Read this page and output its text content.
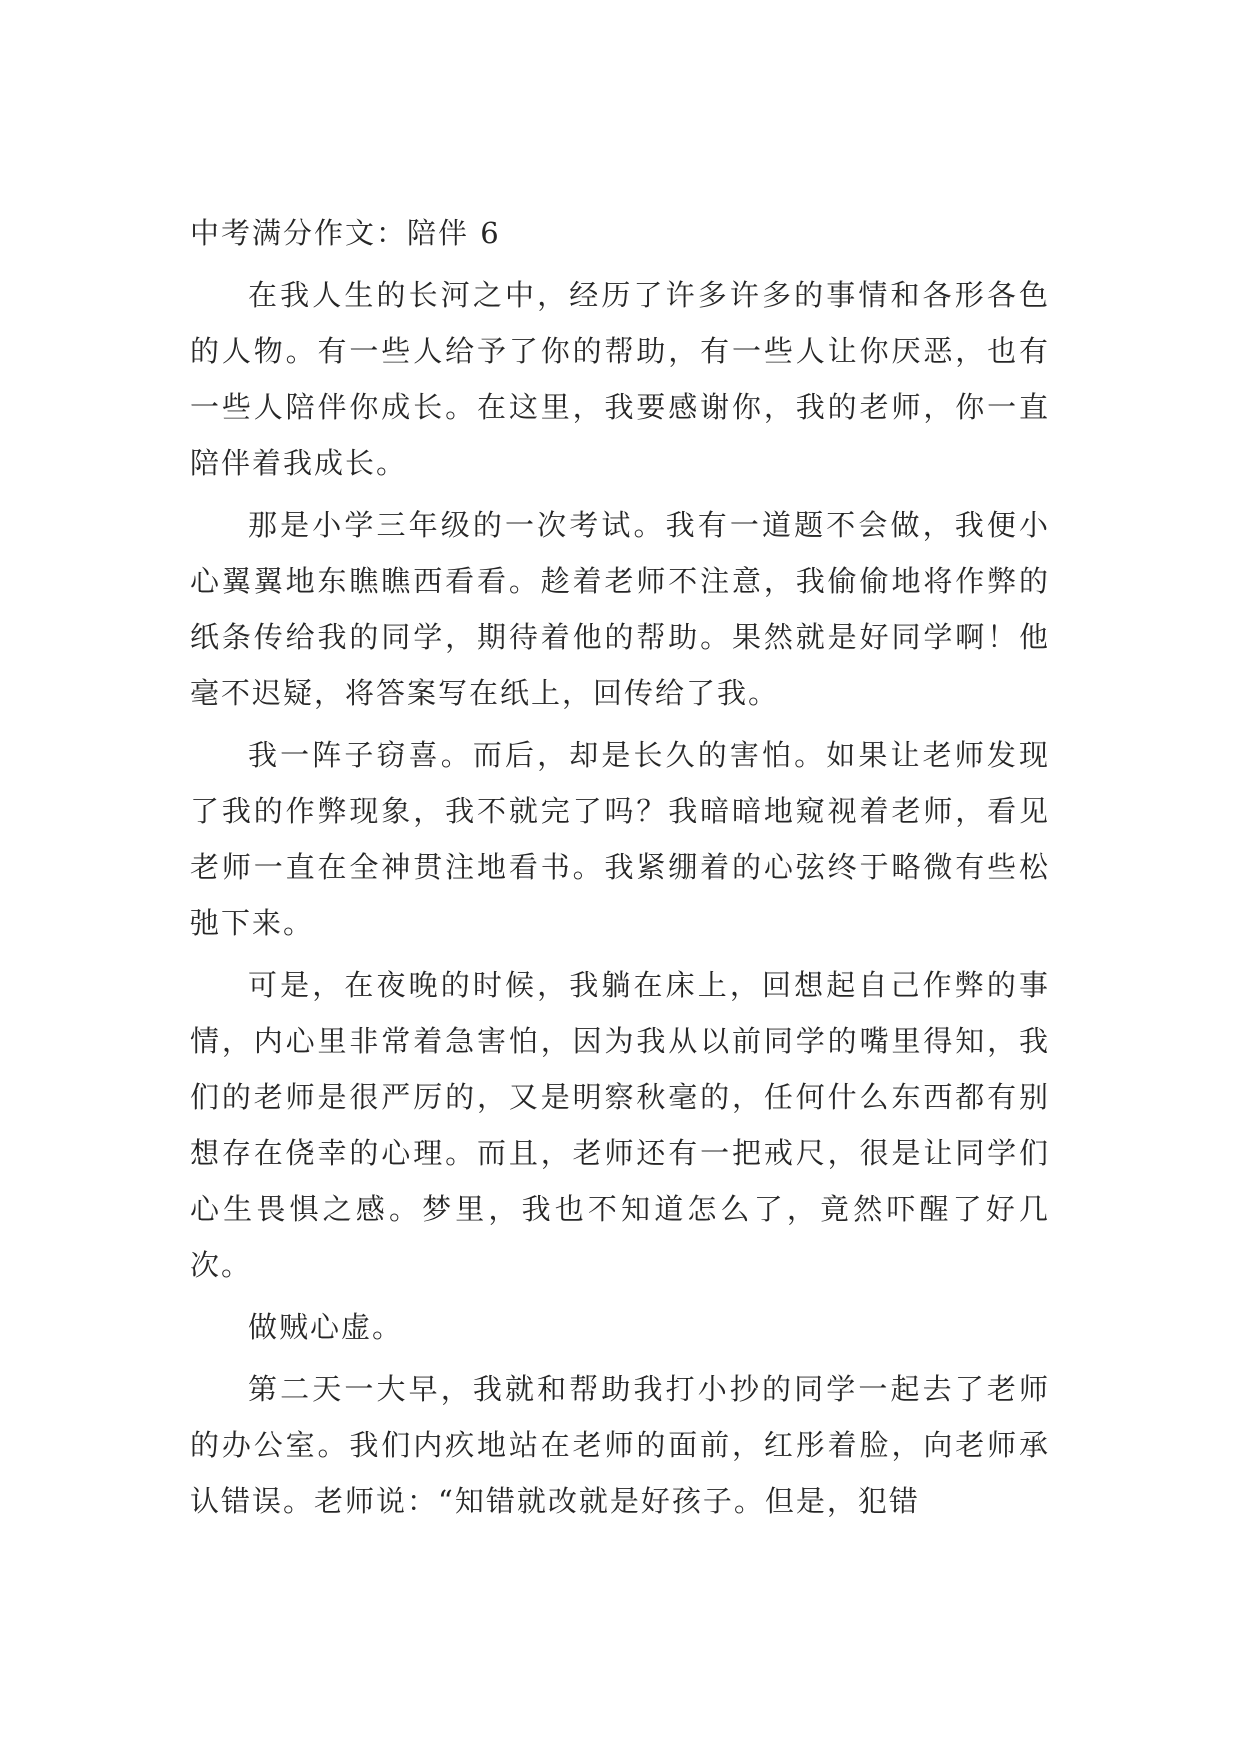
中考满分作文：陪伴 6

在我人生的长河之中，经历了许多许多的事情和各形各色的人物。有一些人给予了你的帮助，有一些人让你厌恶，也有一些人陪伴你成长。在这里，我要感谢你，我的老师，你一直陪伴着我成长。

那是小学三年级的一次考试。我有一道题不会做，我便小心翼翼地东瞧瞧西看看。趁着老师不注意，我偷偷地将作弊的纸条传给我的同学，期待着他的帮助。果然就是好同学啊！他毫不迟疑，将答案写在纸上，回传给了我。

我一阵子窃喜。而后，却是长久的害怕。如果让老师发现了我的作弊现象，我不就完了吗？我暗暗地窥视着老师，看见老师一直在全神贯注地看书。我紧绷着的心弦终于略微有些松弛下来。

可是，在夜晚的时候，我躺在床上，回想起自己作弊的事情，内心里非常着急害怕，因为我从以前同学的嘴里得知，我们的老师是很严厉的，又是明察秋毫的，任何什么东西都有别想存在侥幸的心理。而且，老师还有一把戒尺，很是让同学们心生畏惧之感。梦里，我也不知道怎么了，竟然吓醒了好几次。

做贼心虚。

第二天一大早，我就和帮助我打小抄的同学一起去了老师的办公室。我们内疚地站在老师的面前，红彤着脸，向老师承认错误。老师说：“知错就改就是好孩子。但是，犯错
